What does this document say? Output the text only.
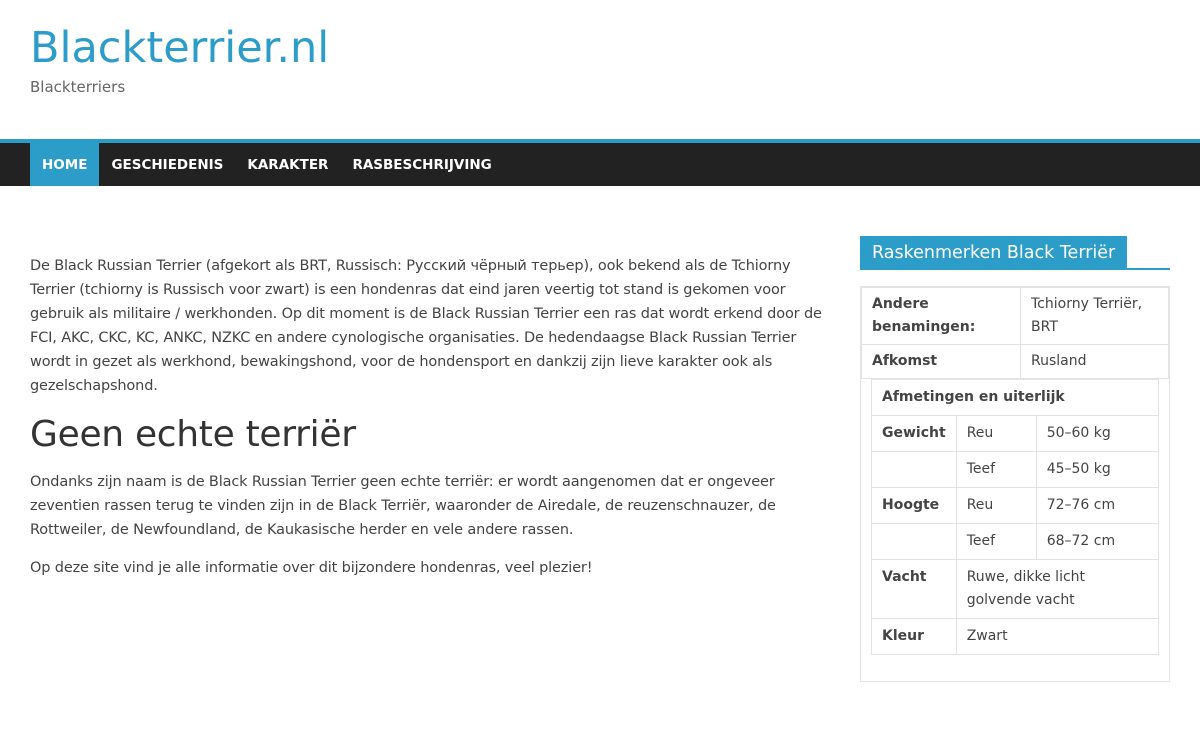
Blackterrier.nl

Blackterriers

HOME	GESCHIEDENIS	KARAKTER	RASBESCHRIJVING

De Black Russian Terrier (afgekort als BRT, Russisch: Русский чёрный терьер), ook bekend als de Tchiorny Terrier (tchiorny is Russisch voor zwart) is een hondenras dat eind jaren veertig tot stand is gekomen voor gebruik als militaire / werkhonden. Op dit moment is de Black Russian Terrier een ras dat wordt erkend door de FCI, AKC, CKC, KC, ANKC, NZKC en andere cynologische organisaties. De hedendaagse Black Russian Terrier wordt in gezet als werkhond, bewakingshond, voor de hondensport en dankzij zijn lieve karakter ook als gezelschapshond.

Geen echte terriër

Ondanks zijn naam is de Black Russian Terrier geen echte terriër: er wordt aangenomen dat er ongeveer zeventien rassen terug te vinden zijn in de Black Terriër, waaronder de Airedale, de reuzenschnauzer, de Rottweiler, de Newfoundland, de Kaukasische herder en vele andere rassen.

Op deze site vind je alle informatie over dit bijzondere hondenras, veel plezier!

Raskenmerken Black Terriër
Andere benamingen:	Tchiorny Terriër, BRT
Afkomst	Rusland
Afmetingen en uiterlijk		
Gewicht	Reu	50–60 kg
	Teef	45–50 kg
Hoogte	Reu	72–76 cm
	Teef	68–72 cm
Vacht	Ruwe, dikke licht golvende vacht	
Kleur	Zwart	
